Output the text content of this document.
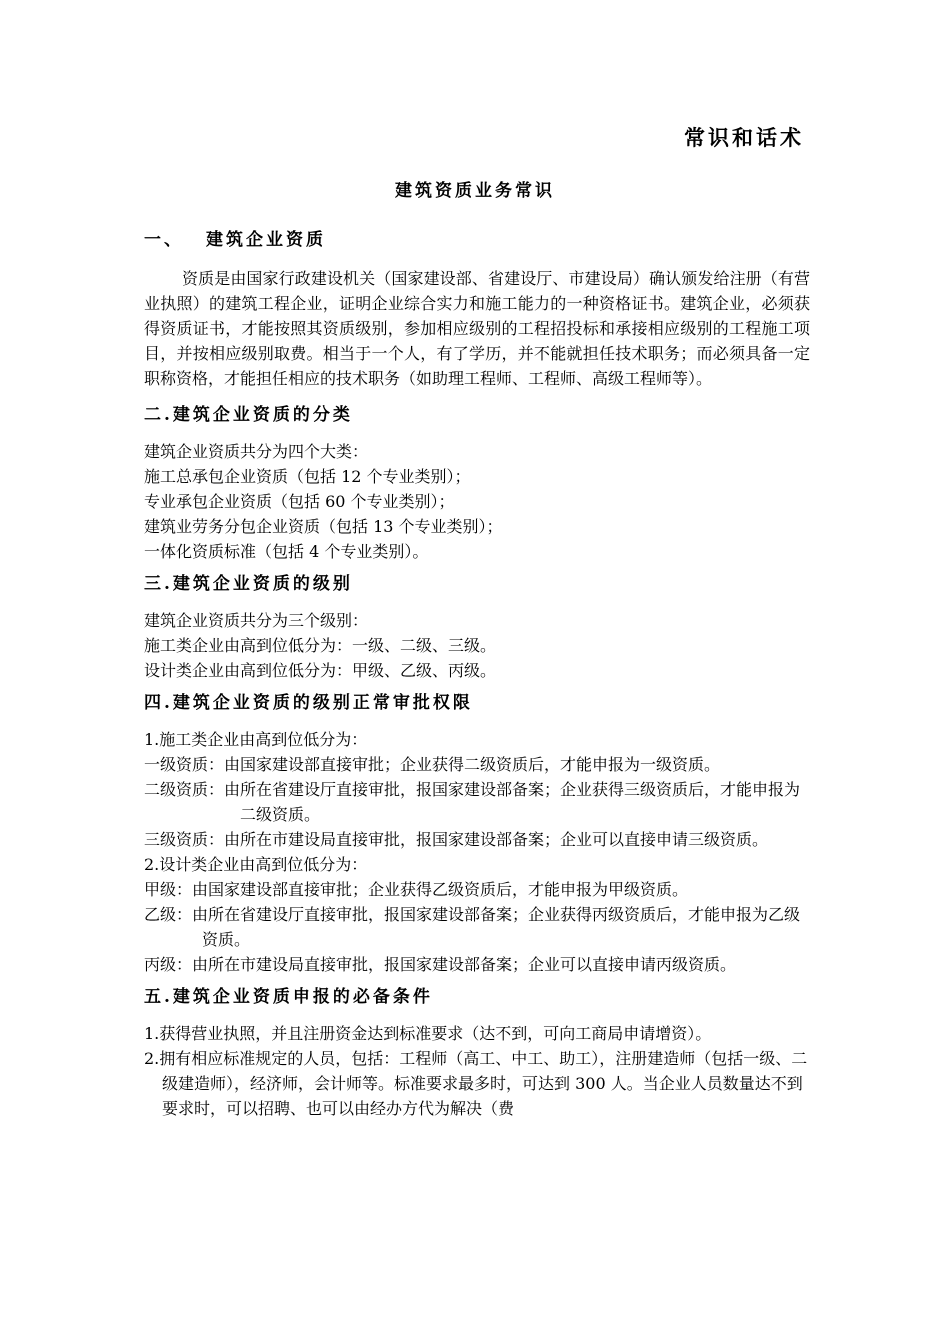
常识和话术
建筑资质业务常识
一、 建筑企业资质

资质是由国家行政建设机关（国家建设部、省建设厅、市建设局）确认颁发给注册（有营业执照）的建筑工程企业，证明企业综合实力和施工能力的一种资格证书。建筑企业，必须获得资质证书，才能按照其资质级别，参加相应级别的工程招投标和承接相应级别的工程施工项目，并按相应级别取费。相当于一个人，有了学历，并不能就担任技术职务；而必须具备一定职称资格，才能担任相应的技术职务（如助理工程师、工程师、高级工程师等）。

二.建筑企业资质的分类

建筑企业资质共分为四个大类：

施工总承包企业资质（包括 12 个专业类别）；

专业承包企业资质（包括 60 个专业类别）；

建筑业劳务分包企业资质（包括 13 个专业类别）；

一体化资质标准（包括 4 个专业类别）。

三.建筑企业资质的级别

建筑企业资质共分为三个级别：

施工类企业由高到位低分为：一级、二级、三级。

设计类企业由高到位低分为：甲级、乙级、丙级。

四.建筑企业资质的级别正常审批权限

1.施工类企业由高到位低分为：

一级资质：由国家建设部直接审批；企业获得二级资质后，才能申报为一级资质。

二级资质：由所在省建设厅直接审批，报国家建设部备案；企业获得三级资质后，才能申报为二级资质。

三级资质：由所在市建设局直接审批，报国家建设部备案；企业可以直接申请三级资质。

2.设计类企业由高到位低分为：

甲级：由国家建设部直接审批；企业获得乙级资质后，才能申报为甲级资质。

乙级：由所在省建设厅直接审批，报国家建设部备案；企业获得丙级资质后，才能申报为乙级资质。

丙级：由所在市建设局直接审批，报国家建设部备案；企业可以直接申请丙级资质。

五.建筑企业资质申报的必备条件

1.获得营业执照，并且注册资金达到标准要求（达不到，可向工商局申请增资）。

2.拥有相应标准规定的人员，包括：工程师（高工、中工、助工），注册建造师（包括一级、二级建造师），经济师，会计师等。标准要求最多时，可达到 300 人。当企业人员数量达不到要求时，可以招聘、也可以由经办方代为解决（费
